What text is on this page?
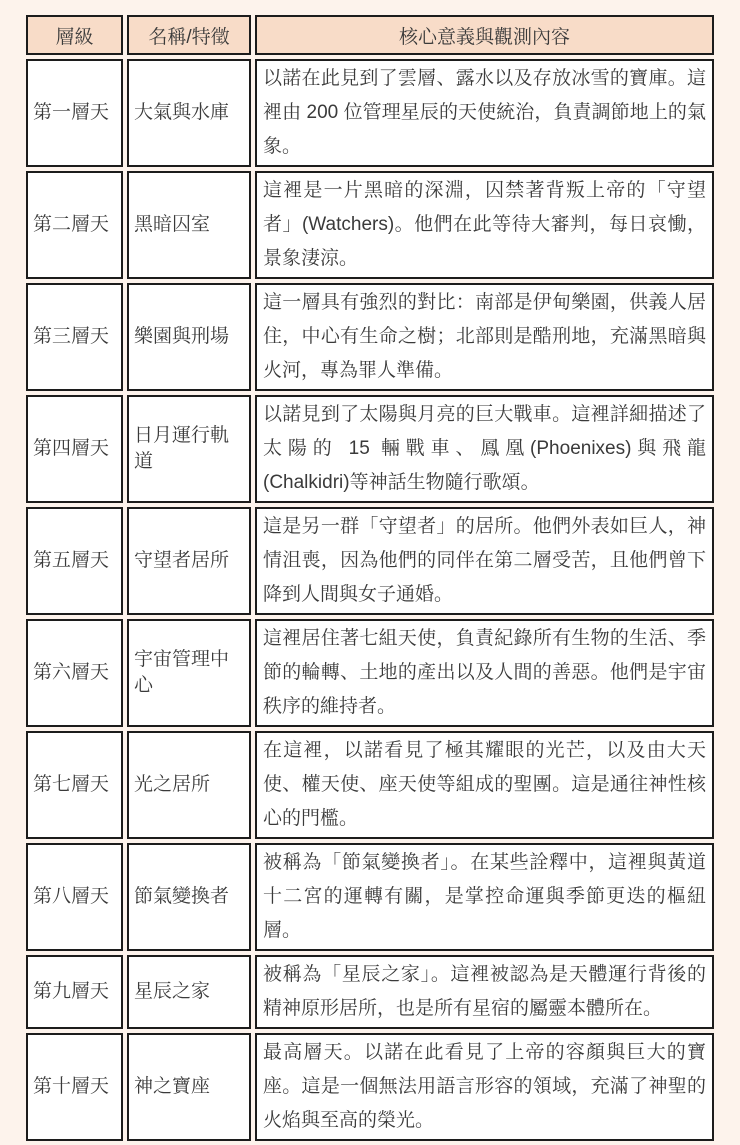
層級	名稱/特徵	核心意義與觀測內容
第一層天	大氣與水庫	以諾在此見到了雲層、露水以及存放冰雪的寶庫。這裡由 200 位管理星辰的天使統治，負責調節地上的氣象。
第二層天	黑暗囚室	這裡是一片黑暗的深淵，囚禁著背叛上帝的「守望者」(Watchers)。他們在此等待大審判，每日哀慟，景象淒涼。
第三層天	樂園與刑場	這一層具有強烈的對比：南部是伊甸樂園，供義人居住，中心有生命之樹；北部則是酷刑地，充滿黑暗與火河，專為罪人準備。
第四層天	日月運行軌道	以諾見到了太陽與月亮的巨大戰車。這裡詳細描述了太陽的 15 輛戰車、鳳凰(Phoenixes)與飛龍(Chalkidri)等神話生物隨行歌頌。
第五層天	守望者居所	這是另一群「守望者」的居所。他們外表如巨人，神情沮喪，因為他們的同伴在第二層受苦，且他們曾下降到人間與女子通婚。
第六層天	宇宙管理中心	這裡居住著七組天使，負責紀錄所有生物的生活、季節的輪轉、土地的產出以及人間的善惡。他們是宇宙秩序的維持者。
第七層天	光之居所	在這裡，以諾看見了極其耀眼的光芒，以及由大天使、權天使、座天使等組成的聖團。這是通往神性核心的門檻。
第八層天	節氣變換者	被稱為「節氣變換者」。在某些詮釋中，這裡與黃道十二宮的運轉有關，是掌控命運與季節更迭的樞紐層。
第九層天	星辰之家	被稱為「星辰之家」。這裡被認為是天體運行背後的精神原形居所，也是所有星宿的屬靈本體所在。
第十層天	神之寶座	最高層天。以諾在此看見了上帝的容顏與巨大的寶座。這是一個無法用語言形容的領域，充滿了神聖的火焰與至高的榮光。
